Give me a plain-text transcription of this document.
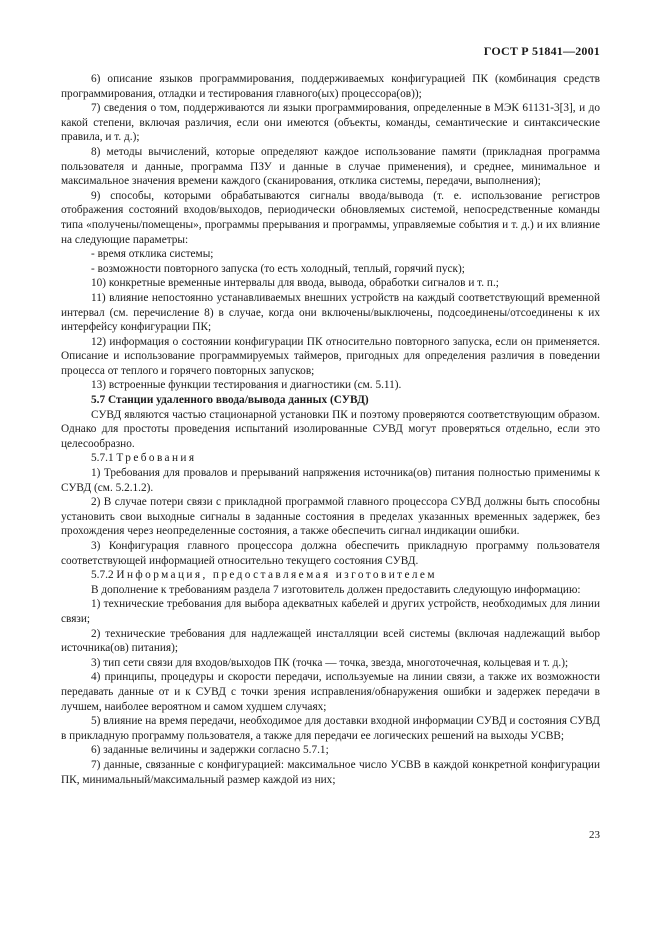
ГОСТ Р 51841—2001

6) описание языков программирования, поддерживаемых конфигурацией ПК (комбинация средств программирования, отладки и тестирования главного(ых) процессора(ов));

7) сведения о том, поддерживаются ли языки программирования, определенные в МЭК 61131-3[3], и до какой степени, включая различия, если они имеются (объекты, команды, семантические и синтаксические правила, и т. д.);

8) методы вычислений, которые определяют каждое использование памяти (прикладная программа пользователя и данные, программа ПЗУ и данные в случае применения), и среднее, минимальное и максимальное значения времени каждого (сканирования, отклика системы, передачи, выполнения);

9) способы, которыми обрабатываются сигналы ввода/вывода (т. е. использование регистров отображения состояний входов/выходов, периодически обновляемых системой, непосредственные команды типа «получены/помещены», программы прерывания и программы, управляемые события и т. д.) и их влияние на следующие параметры:

- время отклика системы;

- возможности повторного запуска (то есть холодный, теплый, горячий пуск);

10) конкретные временные интервалы для ввода, вывода, обработки сигналов и т. п.;

11) влияние непостоянно устанавливаемых внешних устройств на каждый соответствующий временной интервал (см. перечисление 8) в случае, когда они включены/выключены, подсоединены/отсоединены к их интерфейсу конфигурации ПК;

12) информация о состоянии конфигурации ПК относительно повторного запуска, если он применяется. Описание и использование программируемых таймеров, пригодных для определения различия в поведении процесса от теплого и горячего повторных запусков;

13) встроенные функции тестирования и диагностики (см. 5.11).

5.7 Станции удаленного ввода/вывода данных (СУВД)

СУВД являются частью стационарной установки ПК и поэтому проверяются соответствующим образом. Однако для простоты проведения испытаний изолированные СУВД могут проверяться отдельно, если это целесообразно.

5.7.1 Требования

1) Требования для провалов и прерываний напряжения источника(ов) питания полностью применимы к СУВД (см. 5.2.1.2).

2) В случае потери связи с прикладной программой главного процессора СУВД должны быть способны установить свои выходные сигналы в заданные состояния в пределах указанных временных задержек, без прохождения через неопределенные состояния, а также обеспечить сигнал индикации ошибки.

3) Конфигурация главного процессора должна обеспечить прикладную программу пользователя соответствующей информацией относительно текущего состояния СУВД.

5.7.2 Информация, предоставляемая изготовителем

В дополнение к требованиям раздела 7 изготовитель должен предоставить следующую информацию:

1) технические требования для выбора адекватных кабелей и других устройств, необходимых для линии связи;

2) технические требования для надлежащей инсталляции всей системы (включая надлежащий выбор источника(ов) питания);

3) тип сети связи для входов/выходов ПК (точка — точка, звезда, многоточечная, кольцевая и т. д.);

4) принципы, процедуры и скорости передачи, используемые на линии связи, а также их возможности передавать данные от и к СУВД с точки зрения исправления/обнаружения ошибки и задержек передачи в лучшем, наиболее вероятном и самом худшем случаях;

5) влияние на время передачи, необходимое для доставки входной информации СУВД и состояния СУВД в прикладную программу пользователя, а также для передачи ее логических решений на выходы УСВВ;

6) заданные величины и задержки согласно 5.7.1;

7) данные, связанные с конфигурацией: максимальное число УСВВ в каждой конкретной конфигурации ПК, минимальный/максимальный размер каждой из них;

23
